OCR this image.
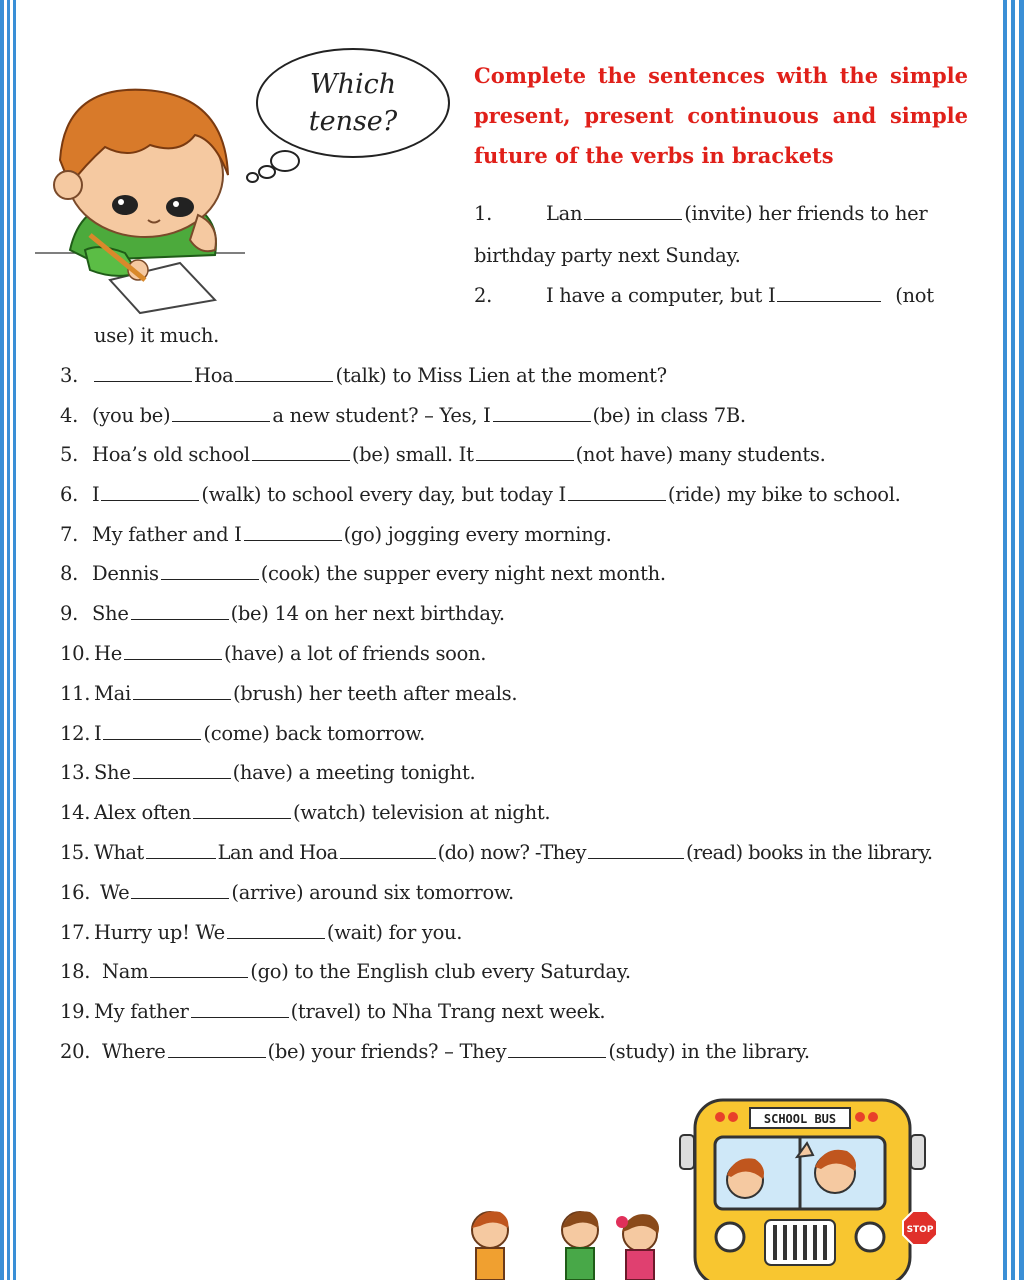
Which
tense?
Complete the sentences with the simple present, present continuous and simple future of the verbs in brackets
1.	Lan	(invite) her friends to her
birthday party next Sunday.
2.	I have a computer, but I	(not
use) it much.
3.	Hoa	(talk) to Miss Lien at the moment?
4. (you be)	a new student? – Yes, I	(be) in class 7B.
5. Hoa’s old school	(be) small. It	(not have) many students.
6. I	(walk) to school every day, but today I	(ride) my bike to school.
7. My father and I	(go) jogging every morning.
8. Dennis	(cook) the supper every night next month.
9. She	(be) 14 on her next birthday.
10. He	(have) a lot of friends soon.
11. Mai	(brush) her teeth after meals.
12. I	(come) back tomorrow.
13. She	(have) a meeting tonight.
14. Alex often	(watch) television at night.
15. What	Lan and Hoa	(do) now? -They	(read) books in the library.
16. We	(arrive) around six tomorrow.
17. Hurry up! We	(wait) for you.
18. Nam	(go) to the English club every Saturday.
19. My father	(travel) to Nha Trang next week.
20. Where	(be) your friends? – They	(study) in the library.
SCHOOL BUS
STOP
